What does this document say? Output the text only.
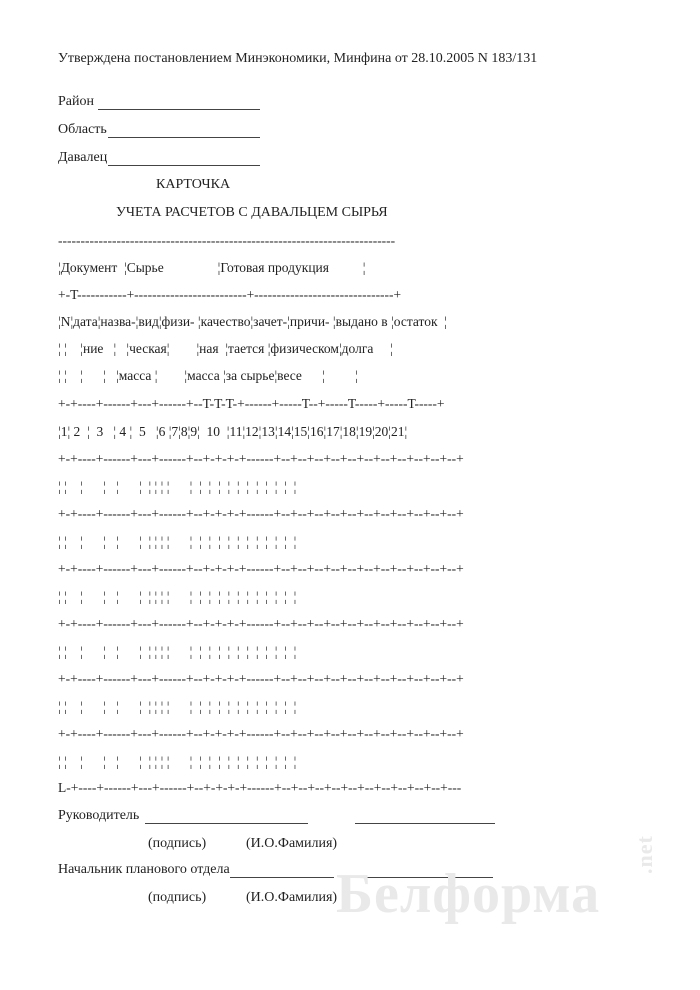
Утверждена постановлением Минэкономики, Минфина от 28.10.2005 N 183/131
Район
Область
Давалец
КАРТОЧКА
УЧЕТА РАСЧЕТОВ С ДАВАЛЬЦЕМ СЫРЬЯ
---------------------------------------------------------------------------
¦Документ  ¦Сырье                ¦Готовая продукция          ¦
+-T-----------+-------------------------+-------------------------------+
¦N¦дата¦назва-¦вид¦физи- ¦качество¦зачет-¦причи- ¦выдано в ¦остаток  ¦
¦ ¦    ¦ние   ¦   ¦ческая¦        ¦ная  ¦тается ¦физическом¦долга     ¦
¦ ¦    ¦      ¦   ¦масса ¦        ¦масса ¦за сырье¦весе      ¦         ¦
+-+----+------+---+------+--T-T-T-+------+-----T--+-----T-----+-----T-----+
¦1¦ 2  ¦  3   ¦ 4 ¦  5   ¦6 ¦7¦8¦9¦  10  ¦11¦12¦13¦14¦15¦16¦17¦18¦19¦20¦21¦
+-+----+------+---+------+--+-+-+-+------+--+--+--+--+--+--+--+--+--+--+--+
¦ ¦    ¦      ¦   ¦      ¦  ¦ ¦ ¦ ¦      ¦  ¦  ¦  ¦  ¦  ¦  ¦  ¦  ¦  ¦  ¦  ¦
+-+----+------+---+------+--+-+-+-+------+--+--+--+--+--+--+--+--+--+--+--+
¦ ¦    ¦      ¦   ¦      ¦  ¦ ¦ ¦ ¦      ¦  ¦  ¦  ¦  ¦  ¦  ¦  ¦  ¦  ¦  ¦  ¦
+-+----+------+---+------+--+-+-+-+------+--+--+--+--+--+--+--+--+--+--+--+
¦ ¦    ¦      ¦   ¦      ¦  ¦ ¦ ¦ ¦      ¦  ¦  ¦  ¦  ¦  ¦  ¦  ¦  ¦  ¦  ¦  ¦
+-+----+------+---+------+--+-+-+-+------+--+--+--+--+--+--+--+--+--+--+--+
¦ ¦    ¦      ¦   ¦      ¦  ¦ ¦ ¦ ¦      ¦  ¦  ¦  ¦  ¦  ¦  ¦  ¦  ¦  ¦  ¦  ¦
+-+----+------+---+------+--+-+-+-+------+--+--+--+--+--+--+--+--+--+--+--+
¦ ¦    ¦      ¦   ¦      ¦  ¦ ¦ ¦ ¦      ¦  ¦  ¦  ¦  ¦  ¦  ¦  ¦  ¦  ¦  ¦  ¦
+-+----+------+---+------+--+-+-+-+------+--+--+--+--+--+--+--+--+--+--+--+
¦ ¦    ¦      ¦   ¦      ¦  ¦ ¦ ¦ ¦      ¦  ¦  ¦  ¦  ¦  ¦  ¦  ¦  ¦  ¦  ¦  ¦
L-+----+------+---+------+--+-+-+-+------+--+--+--+--+--+--+--+--+--+--+---
Руководитель
(подпись)	(И.О.Фамилия)
Начальник планового отдела
(подпись)	(И.О.Фамилия)
Белформа
.net
